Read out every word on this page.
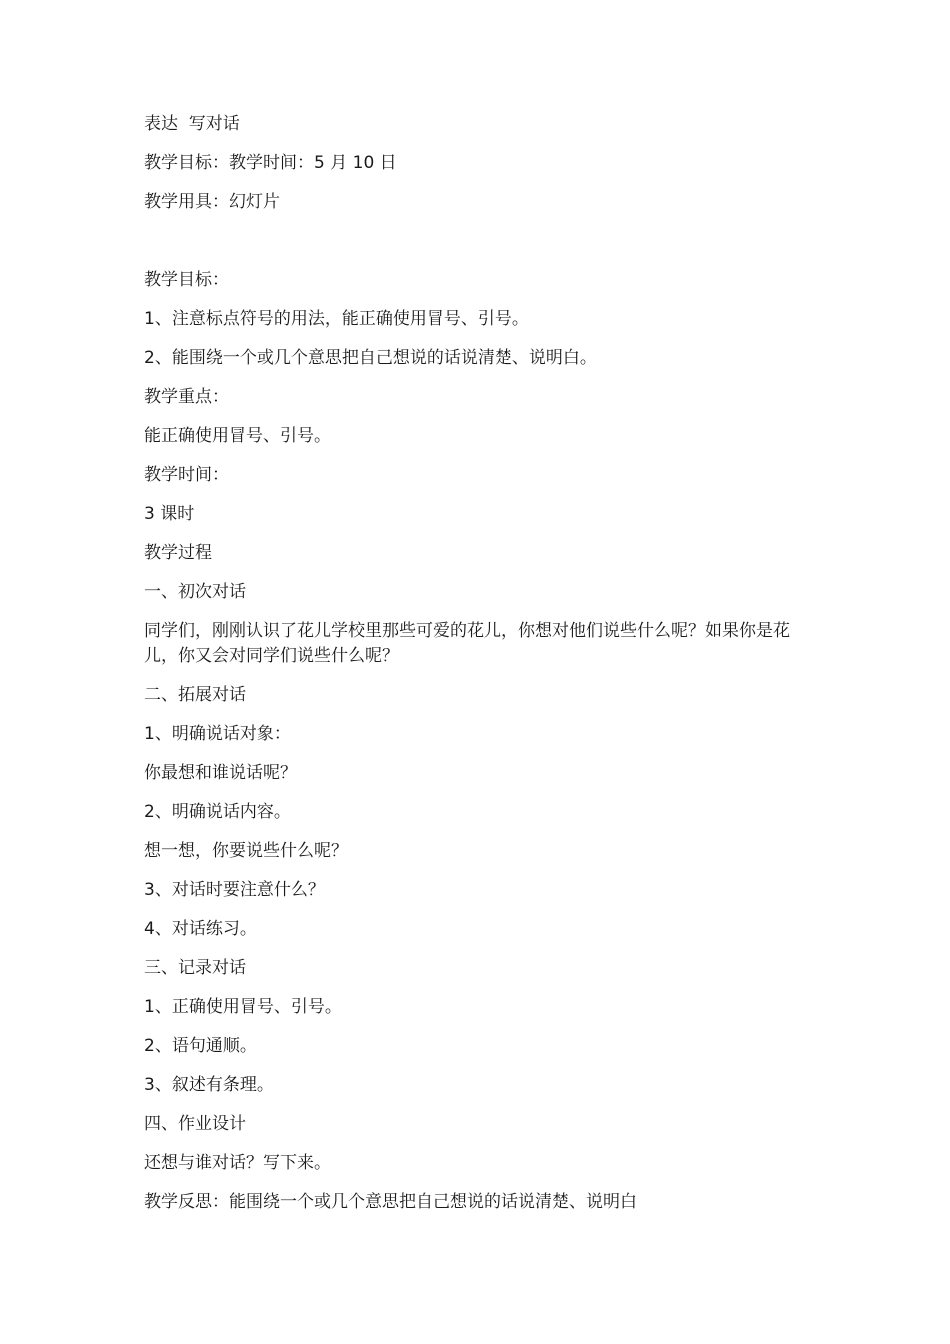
表达  写对话

教学目标：教学时间：5 月 10 日

教学用具：幻灯片

教学目标：

1、注意标点符号的用法，能正确使用冒号、引号。

2、能围绕一个或几个意思把自己想说的话说清楚、说明白。

教学重点：

能正确使用冒号、引号。

教学时间：

3 课时

教学过程

一、初次对话

同学们，刚刚认识了花儿学校里那些可爱的花儿，你想对他们说些什么呢？如果你是花儿，你又会对同学们说些什么呢？

二、拓展对话

1、明确说话对象：

你最想和谁说话呢？

2、明确说话内容。

想一想，你要说些什么呢？

3、对话时要注意什么？

4、对话练习。

三、记录对话

1、正确使用冒号、引号。

2、语句通顺。

3、叙述有条理。

四、作业设计

还想与谁对话？写下来。

教学反思：能围绕一个或几个意思把自己想说的话说清楚、说明白
